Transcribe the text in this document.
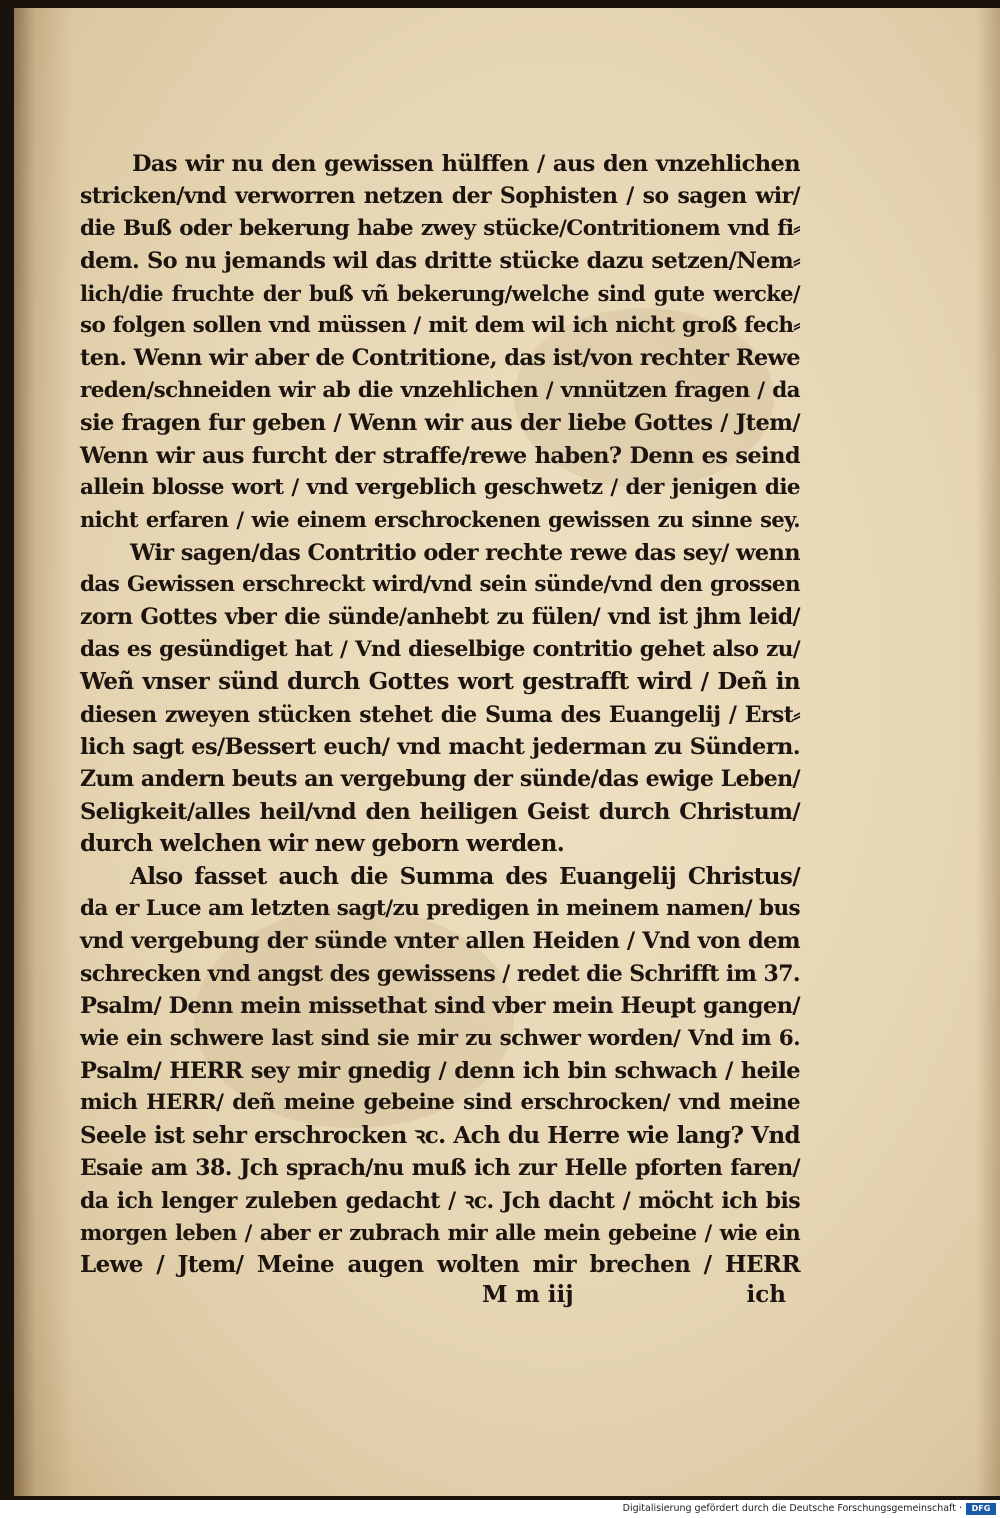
Das wir nu den gewissen hülffen / aus den vnzehlichen
stricken/vnd verworren netzen der Sophisten / so sagen wir/
die Buß oder bekerung habe zwey stücke/Contritionem vnd fi⸗
dem. So nu jemands wil das dritte stücke dazu setzen/Nem⸗
lich/die fruchte der buß vñ bekerung/welche sind gute wercke/
so folgen sollen vnd müssen / mit dem wil ich nicht groß fech⸗
ten. Wenn wir aber de Contritione, das ist/von rechter Rewe
reden/schneiden wir ab die vnzehlichen / vnnützen fragen / da
sie fragen fur geben / Wenn wir aus der liebe Gottes / Jtem/
Wenn wir aus furcht der straffe/rewe haben? Denn es seind
allein blosse wort / vnd vergeblich geschwetz / der jenigen die
nicht erfaren / wie einem erschrockenen gewissen zu sinne sey.
Wir sagen/das Contritio oder rechte rewe das sey/ wenn
das Gewissen erschreckt wird/vnd sein sünde/vnd den grossen
zorn Gottes vber die sünde/anhebt zu fülen/ vnd ist jhm leid/
das es gesündiget hat / Vnd dieselbige contritio gehet also zu/
Weñ vnser sünd durch Gottes wort gestrafft wird / Deñ in
diesen zweyen stücken stehet die Suma des Euangelij / Erst⸗
lich sagt es/Bessert euch/ vnd macht jederman zu Sündern.
Zum andern beuts an vergebung der sünde/das ewige Leben/
Seligkeit/alles heil/vnd den heiligen Geist durch Christum/
durch welchen wir new geborn werden.
Also fasset auch die Summa des Euangelij Christus/
da er Luce am letzten sagt/zu predigen in meinem namen/ bus
vnd vergebung der sünde vnter allen Heiden / Vnd von dem
schrecken vnd angst des gewissens / redet die Schrifft im 37.
Psalm/ Denn mein missethat sind vber mein Heupt gangen/
wie ein schwere last sind sie mir zu schwer worden/ Vnd im 6.
Psalm/ HERR sey mir gnedig / denn ich bin schwach / heile
mich HERR/ deñ meine gebeine sind erschrocken/ vnd meine
Seele ist sehr erschrocken ꝛc. Ach du Herre wie lang? Vnd
Esaie am 38. Jch sprach/nu muß ich zur Helle pforten faren/
da ich lenger zuleben gedacht / ꝛc. Jch dacht / möcht ich bis
morgen leben / aber er zubrach mir alle mein gebeine / wie ein
Lewe / Jtem/ Meine augen wolten mir brechen / HERR
M m iij	ich
Digitalisierung gefördert durch die Deutsche Forschungsgemeinschaft ·	DFG
